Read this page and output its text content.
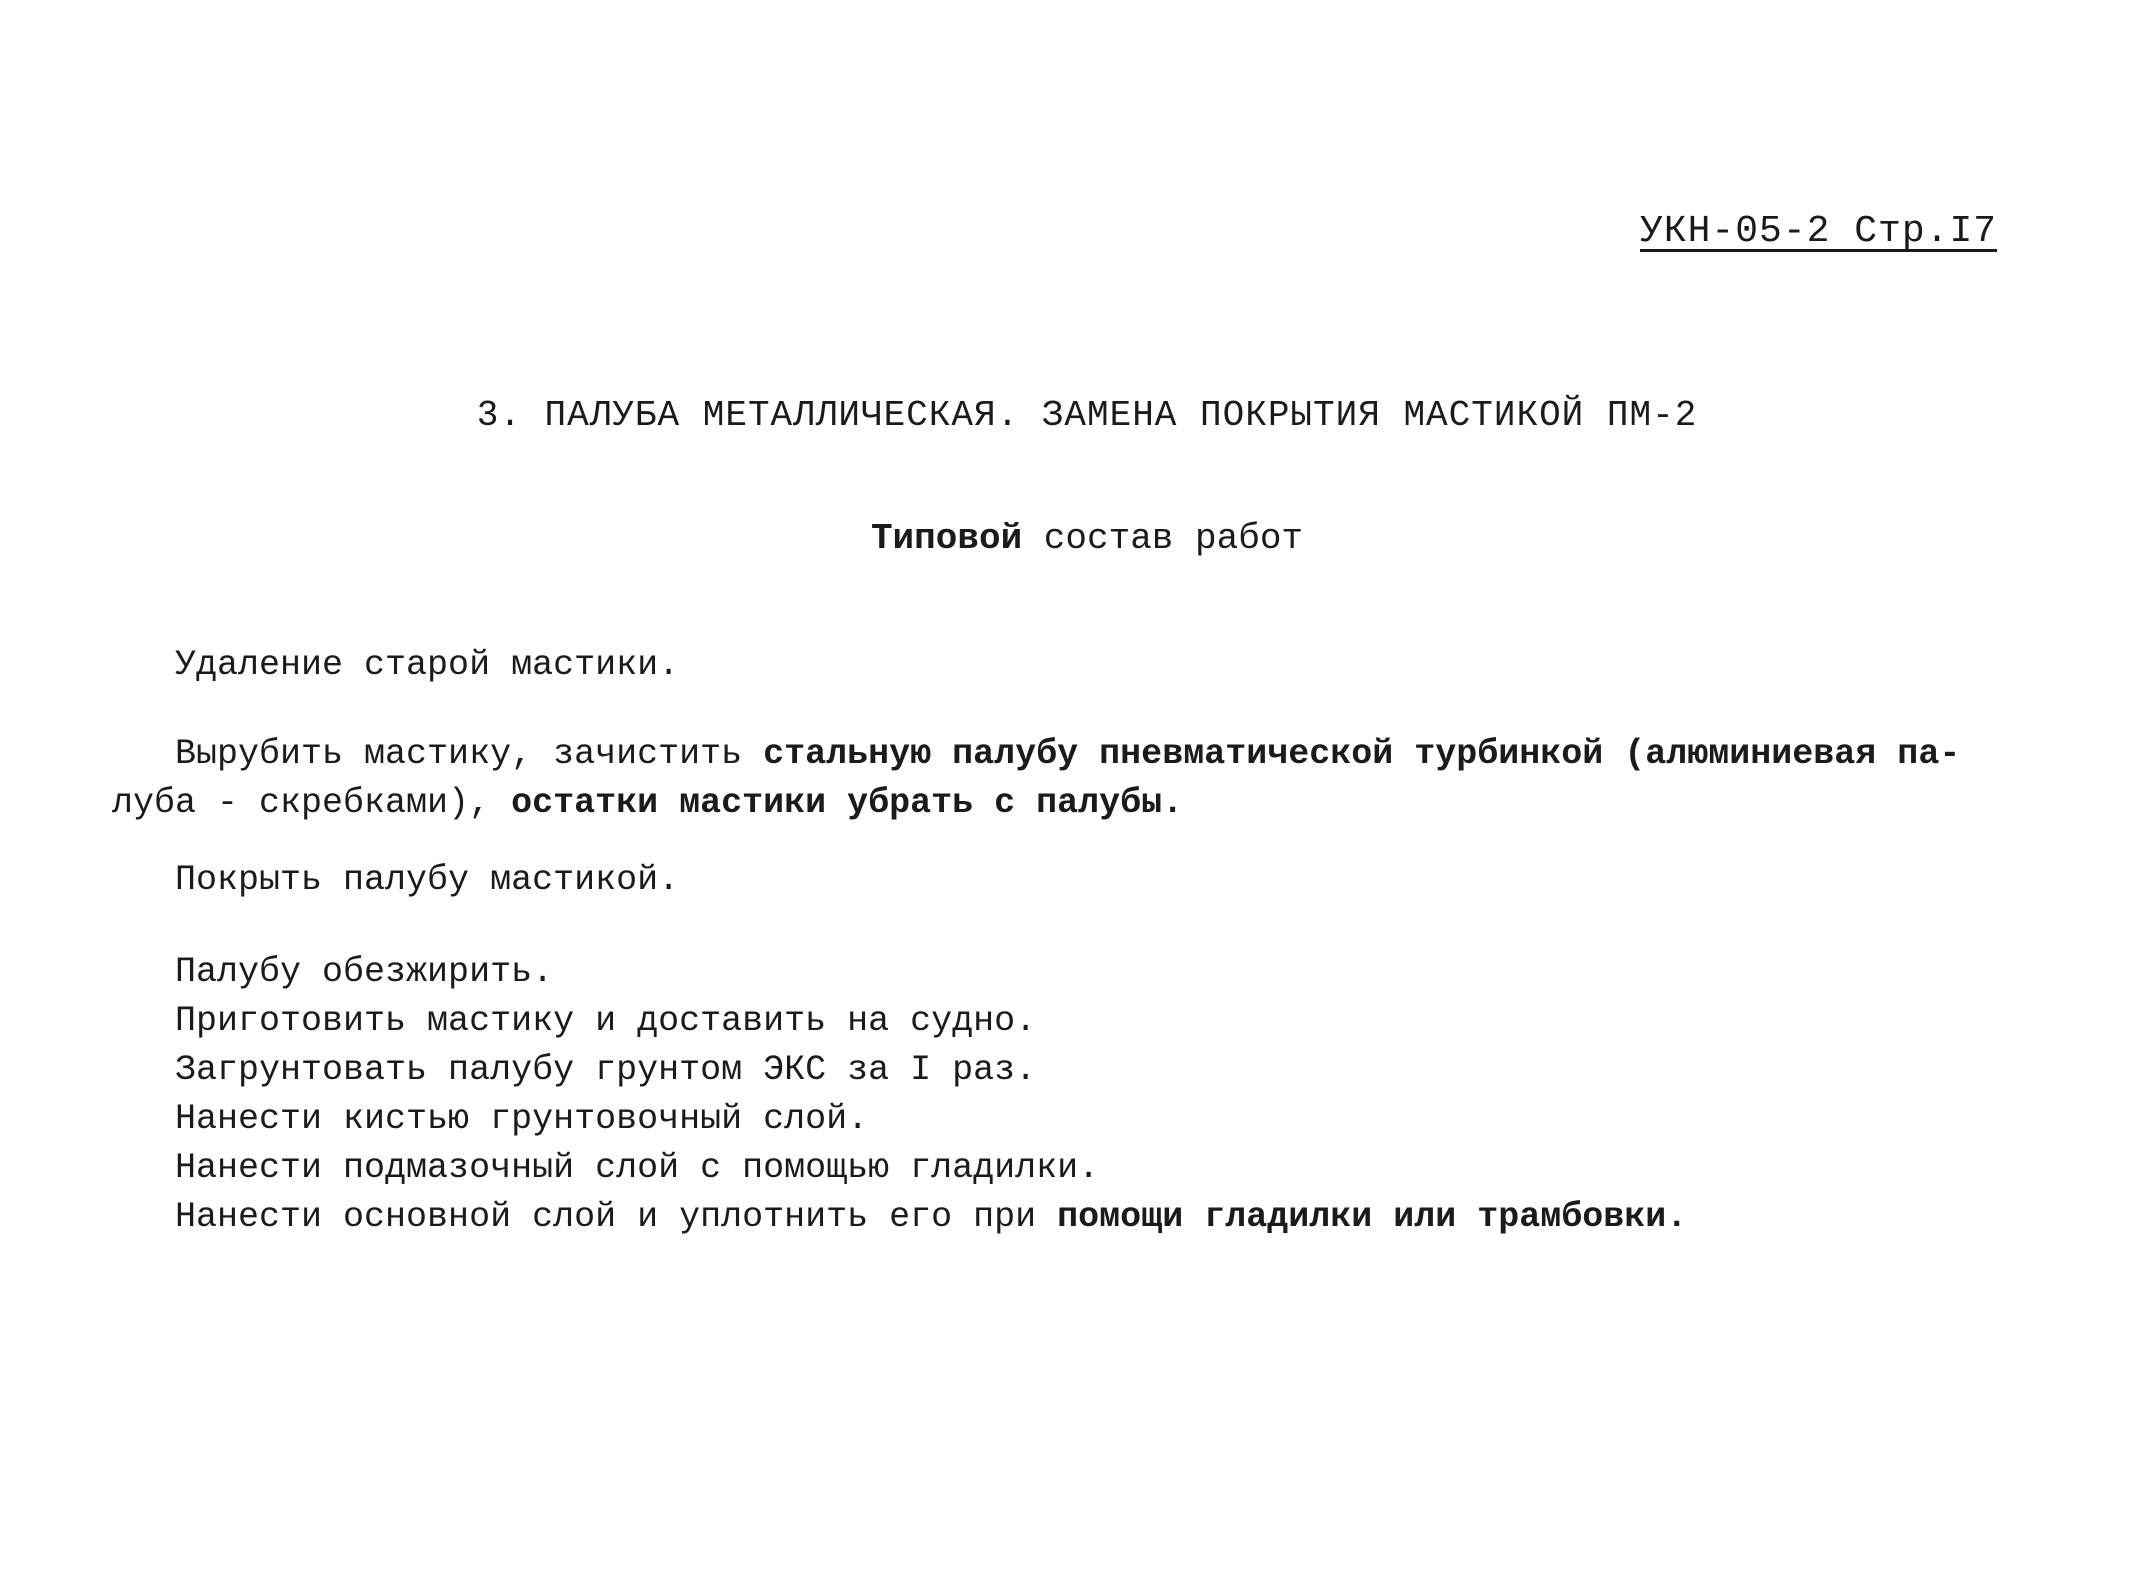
УКН-05-2 Стр.I7
3. ПАЛУБА МЕТАЛЛИЧЕСКАЯ. ЗАМЕНА ПОКРЫТИЯ МАСТИКОЙ ПМ-2
Типовой состав работ
Удаление старой мастики.
Вырубить мастику, зачистить стальную палубу пневматической турбинкой (алюминиевая па-
луба - скребками), остатки мастики убрать с палубы.
Покрыть палубу мастикой.
Палубу обезжирить.
Приготовить мастику и доставить на судно.
Загрунтовать палубу грунтом ЭКС за I раз.
Нанести кистью грунтовочный слой.
Нанести подмазочный слой с помощью гладилки.
Нанести основной слой и уплотнить его при помощи гладилки или трамбовки.
